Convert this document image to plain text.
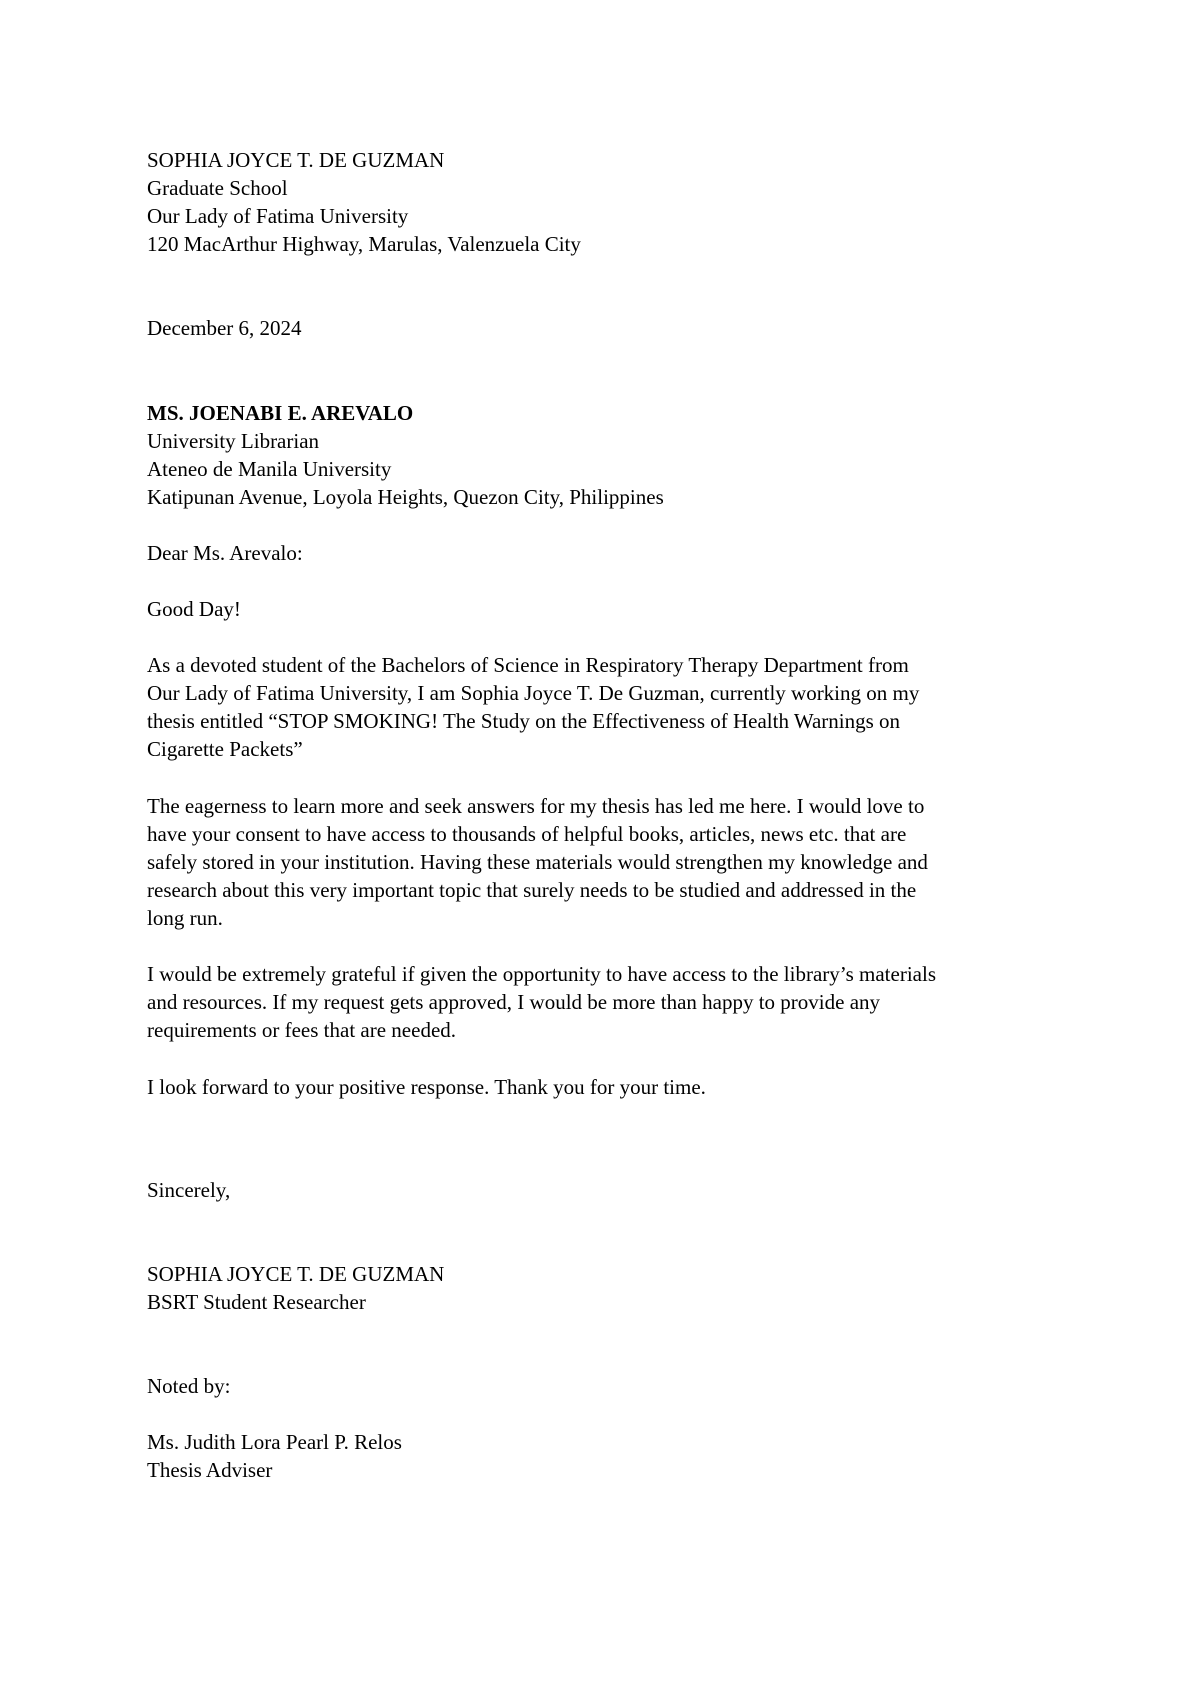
SOPHIA JOYCE T. DE GUZMAN
Graduate School
Our Lady of Fatima University
120 MacArthur Highway, Marulas, Valenzuela City
December 6, 2024
MS. JOENABI E. AREVALO
University Librarian
Ateneo de Manila University
Katipunan Avenue, Loyola Heights, Quezon City, Philippines
Dear Ms. Arevalo:
Good Day!
As a devoted student of the Bachelors of Science in Respiratory Therapy Department from
Our Lady of Fatima University, I am Sophia Joyce T. De Guzman, currently working on my
thesis entitled “STOP SMOKING! The Study on the Effectiveness of Health Warnings on
Cigarette Packets”
The eagerness to learn more and seek answers for my thesis has led me here. I would love to
have your consent to have access to thousands of helpful books, articles, news etc. that are
safely stored in your institution. Having these materials would strengthen my knowledge and
research about this very important topic that surely needs to be studied and addressed in the
long run.
I would be extremely grateful if given the opportunity to have access to the library’s materials
and resources. If my request gets approved, I would be more than happy to provide any
requirements or fees that are needed.
I look forward to your positive response. Thank you for your time.
Sincerely,
SOPHIA JOYCE T. DE GUZMAN
BSRT Student Researcher
Noted by:
Ms. Judith Lora Pearl P. Relos
Thesis Adviser
